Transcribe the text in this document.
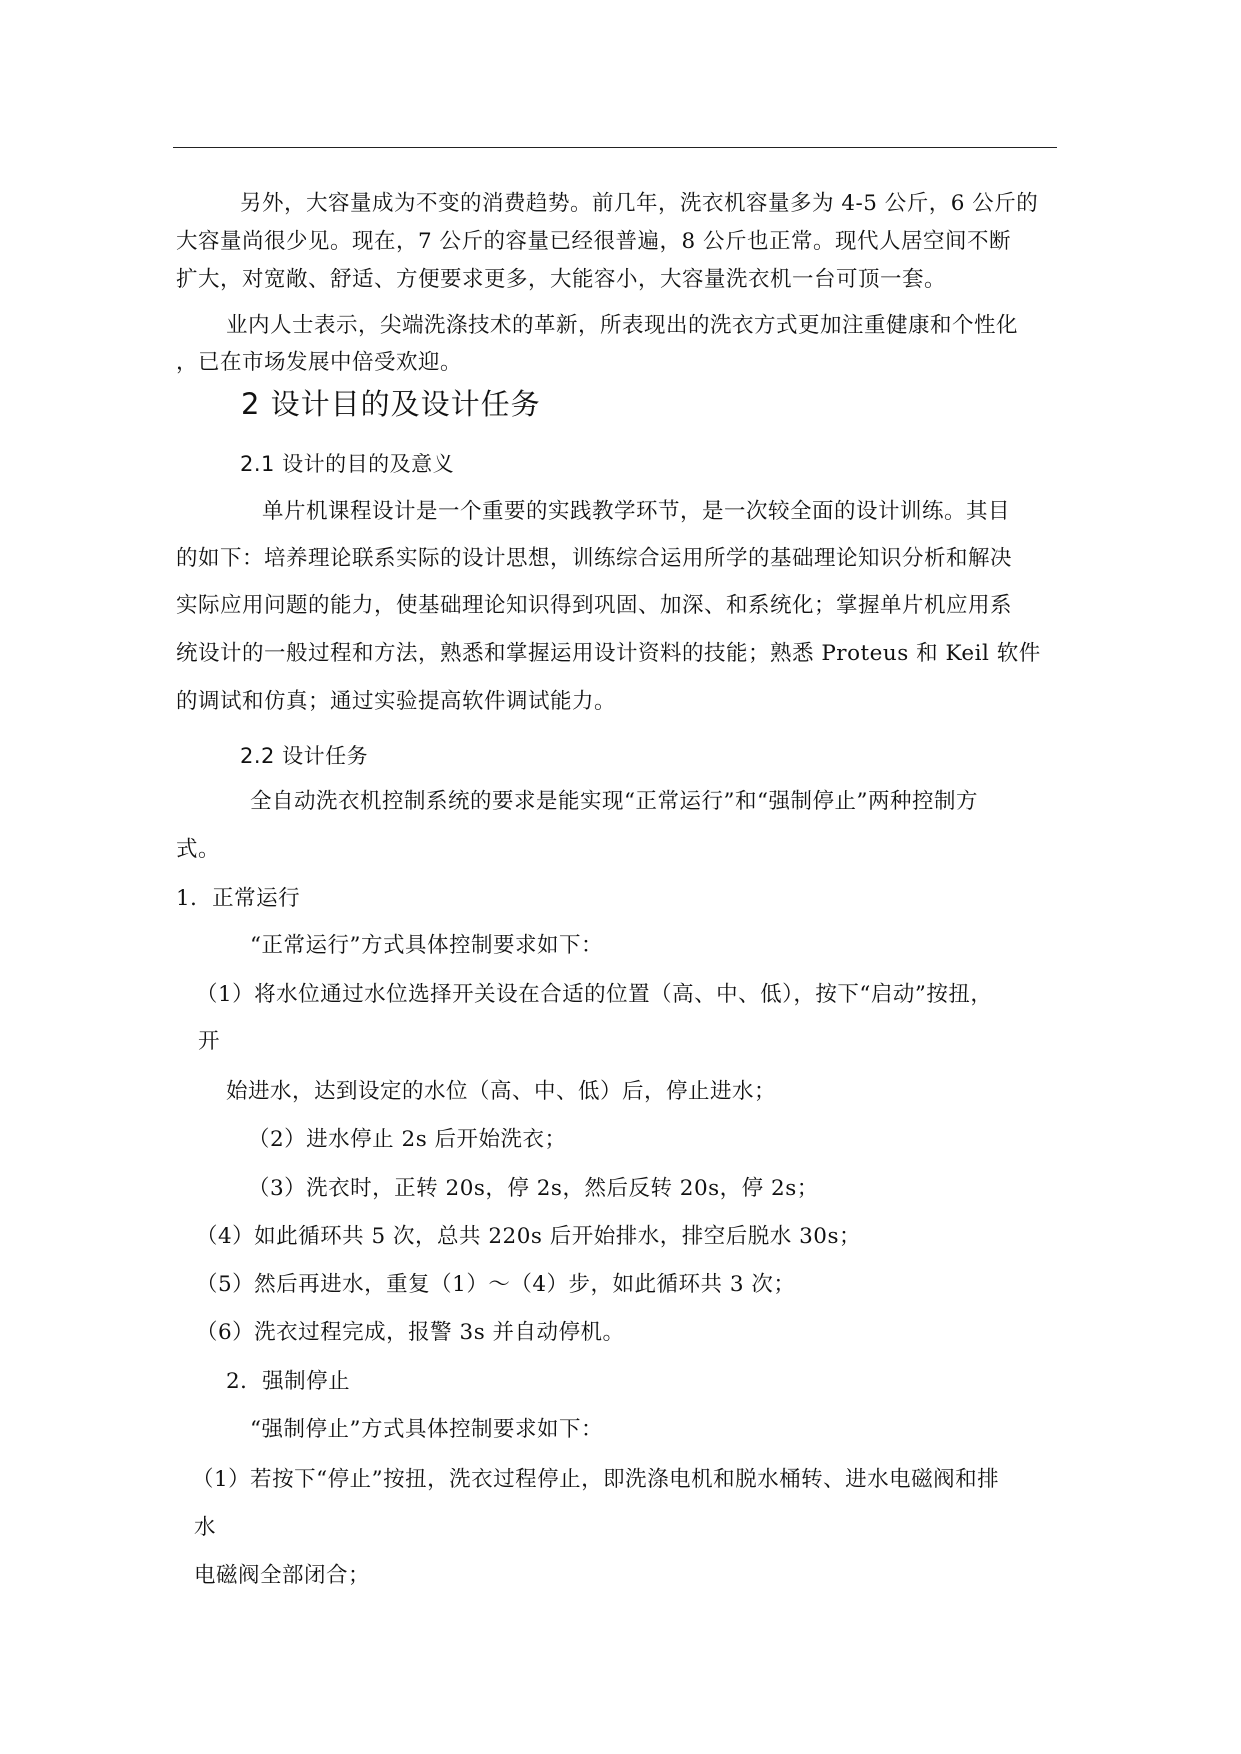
另外，大容量成为不变的消费趋势。前几年，洗衣机容量多为 4-5 公斤，6 公斤的
大容量尚很少见。现在，7 公斤的容量已经很普遍，8 公斤也正常。现代人居空间不断
扩大，对宽敞、舒适、方便要求更多，大能容小，大容量洗衣机一台可顶一套。
业内人士表示，尖端洗涤技术的革新，所表现出的洗衣方式更加注重健康和个性化
，已在市场发展中倍受欢迎。
2 设计目的及设计任务
2.1 设计的目的及意义
单片机课程设计是一个重要的实践教学环节，是一次较全面的设计训练。其目
的如下：培养理论联系实际的设计思想，训练综合运用所学的基础理论知识分析和解决
实际应用问题的能力，使基础理论知识得到巩固、加深、和系统化；掌握单片机应用系
统设计的一般过程和方法，熟悉和掌握运用设计资料的技能；熟悉 Proteus 和 Keil 软件
的调试和仿真；通过实验提高软件调试能力。
2.2 设计任务
全自动洗衣机控制系统的要求是能实现“正常运行”和“强制停止”两种控制方
式。
1．正常运行
“正常运行”方式具体控制要求如下：
（1）将水位通过水位选择开关设在合适的位置（高、中、低），按下“启动”按扭，
开
始进水，达到设定的水位（高、中、低）后，停止进水；
（2）进水停止 2s 后开始洗衣；
（3）洗衣时，正转 20s，停 2s，然后反转 20s，停 2s；
（4）如此循环共 5 次，总共 220s 后开始排水，排空后脱水 30s；
（5）然后再进水，重复（1）～（4）步，如此循环共 3 次；
（6）洗衣过程完成，报警 3s 并自动停机。
2．强制停止
“强制停止”方式具体控制要求如下：
（1）若按下“停止”按扭，洗衣过程停止，即洗涤电机和脱水桶转、进水电磁阀和排
水
电磁阀全部闭合；
